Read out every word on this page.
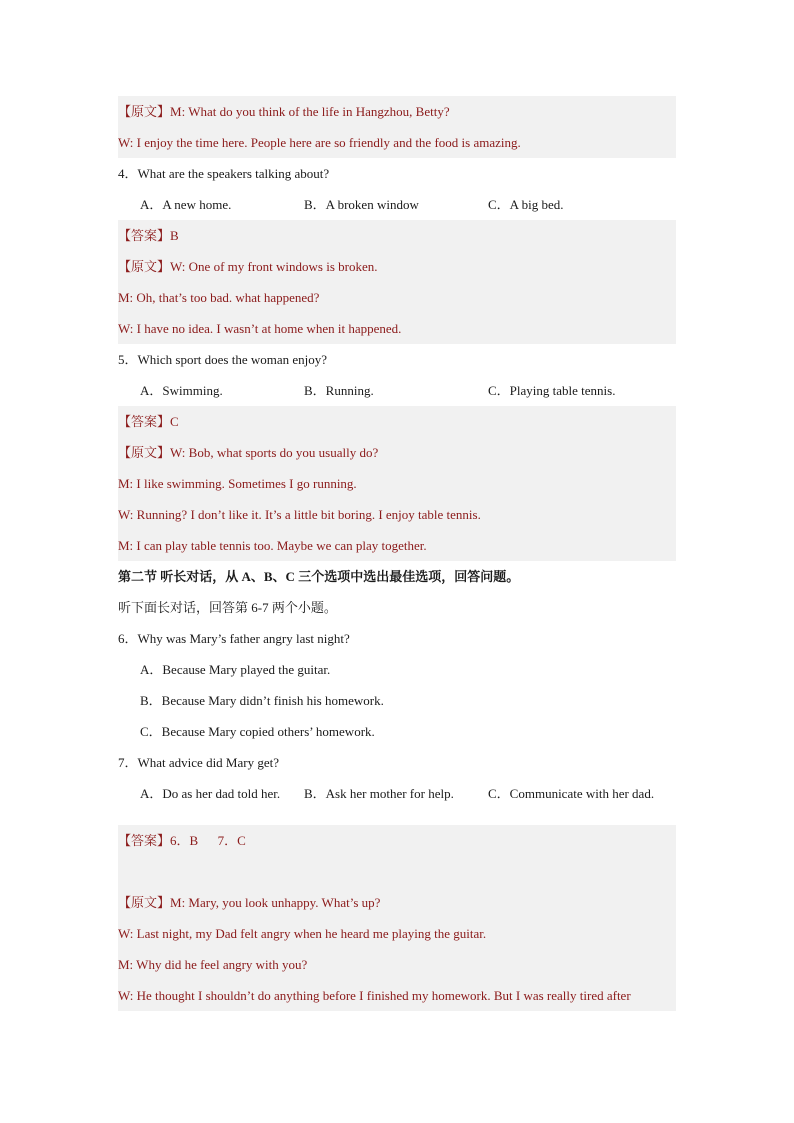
【原文】M: What do you think of the life in Hangzhou, Betty?
W: I enjoy the time here. People here are so friendly and the food is amazing.
4．What are the speakers talking about?
A．A new home.	B．A broken window	C．A big bed.
【答案】B
【原文】W: One of my front windows is broken.
M: Oh, that’s too bad. what happened?
W: I have no idea. I wasn’t at home when it happened.
5．Which sport does the woman enjoy?
A．Swimming.	B．Running.	C．Playing table tennis.
【答案】C
【原文】W: Bob, what sports do you usually do?
M: I like swimming. Sometimes I go running.
W: Running? I don’t like it. It’s a little bit boring. I enjoy table tennis.
M: I can play table tennis too. Maybe we can play together.
第二节 听长对话，从 A、B、C 三个选项中选出最佳选项，回答问题。
听下面长对话，回答第 6-7 两个小题。
6．Why was Mary’s father angry last night?
A．Because Mary played the guitar.
B．Because Mary didn’t finish his homework.
C．Because Mary copied others’ homework.
7．What advice did Mary get?
A．Do as her dad told her. B．Ask her mother for help.	C．Communicate with her dad.
【答案】6．B      7．C
【原文】M: Mary, you look unhappy. What’s up?
W: Last night, my Dad felt angry when he heard me playing the guitar.
M: Why did he feel angry with you?
W: He thought I shouldn’t do anything before I finished my homework. But I was really tired after
